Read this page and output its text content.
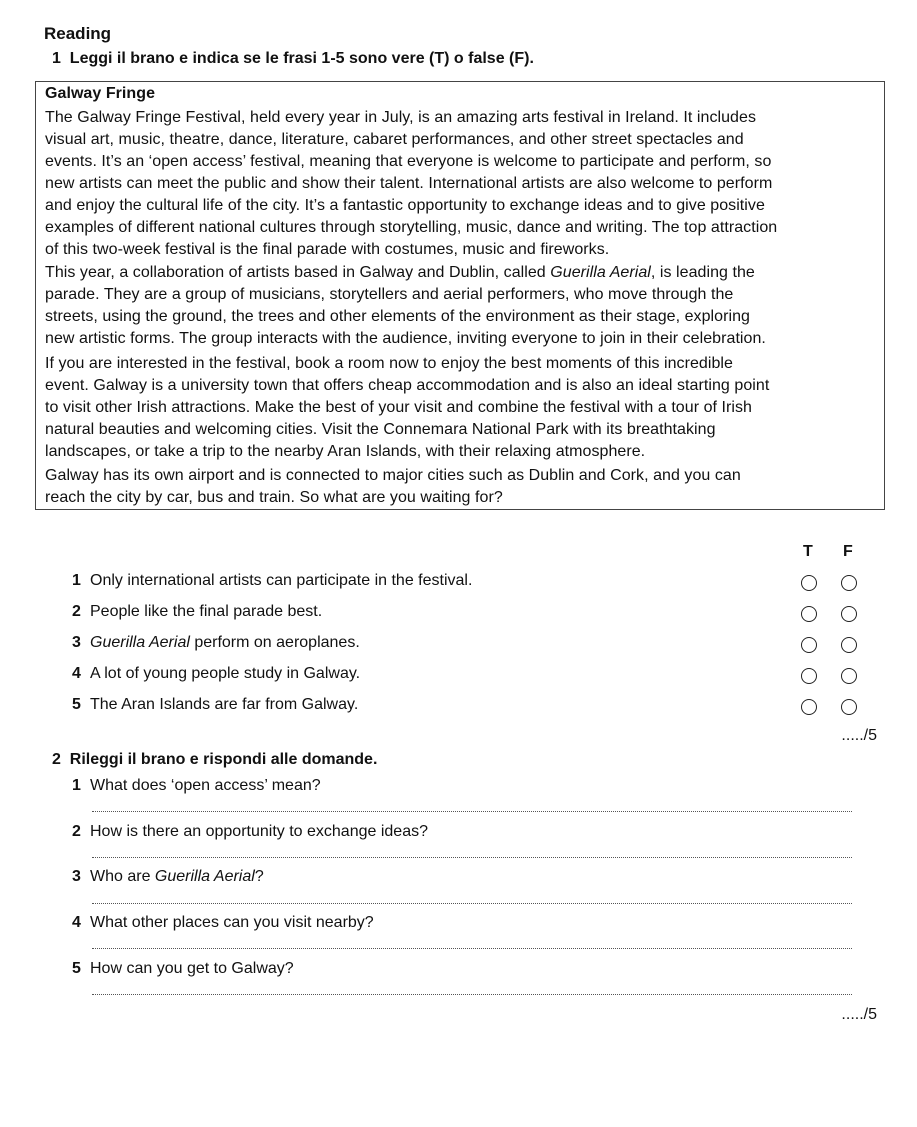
Reading
1 Leggi il brano e indica se le frasi 1-5 sono vere (T) o false (F).
Galway Fringe
The Galway Fringe Festival, held every year in July, is an amazing arts festival in Ireland. It includes
visual art, music, theatre, dance, literature, cabaret performances, and other street spectacles and
events. It’s an ‘open access’ festival, meaning that everyone is welcome to participate and perform, so
new artists can meet the public and show their talent. International artists are also welcome to perform
and enjoy the cultural life of the city. It’s a fantastic opportunity to exchange ideas and to give positive
examples of different national cultures through storytelling, music, dance and writing. The top attraction
of this two-week festival is the final parade with costumes, music and fireworks.
This year, a collaboration of artists based in Galway and Dublin, called Guerilla Aerial, is leading the
parade. They are a group of musicians, storytellers and aerial performers, who move through the
streets, using the ground, the trees and other elements of the environment as their stage, exploring
new artistic forms. The group interacts with the audience, inviting everyone to join in their celebration.
If you are interested in the festival, book a room now to enjoy the best moments of this incredible
event. Galway is a university town that offers cheap accommodation and is also an ideal starting point
to visit other Irish attractions. Make the best of your visit and combine the festival with a tour of Irish
natural beauties and welcoming cities. Visit the Connemara National Park with its breathtaking
landscapes, or take a trip to the nearby Aran Islands, with their relaxing atmosphere.
Galway has its own airport and is connected to major cities such as Dublin and Cork, and you can
reach the city by car, bus and train. So what are you waiting for?
T F
1 Only international artists can participate in the festival.
2 People like the final parade best.
3 Guerilla Aerial perform on aeroplanes.
4 A lot of young people study in Galway.
5 The Aran Islands are far from Galway.
...../5
2 Rileggi il brano e rispondi alle domande.
1 What does ‘open access’ mean?
2 How is there an opportunity to exchange ideas?
3 Who are Guerilla Aerial?
4 What other places can you visit nearby?
5 How can you get to Galway?
...../5
